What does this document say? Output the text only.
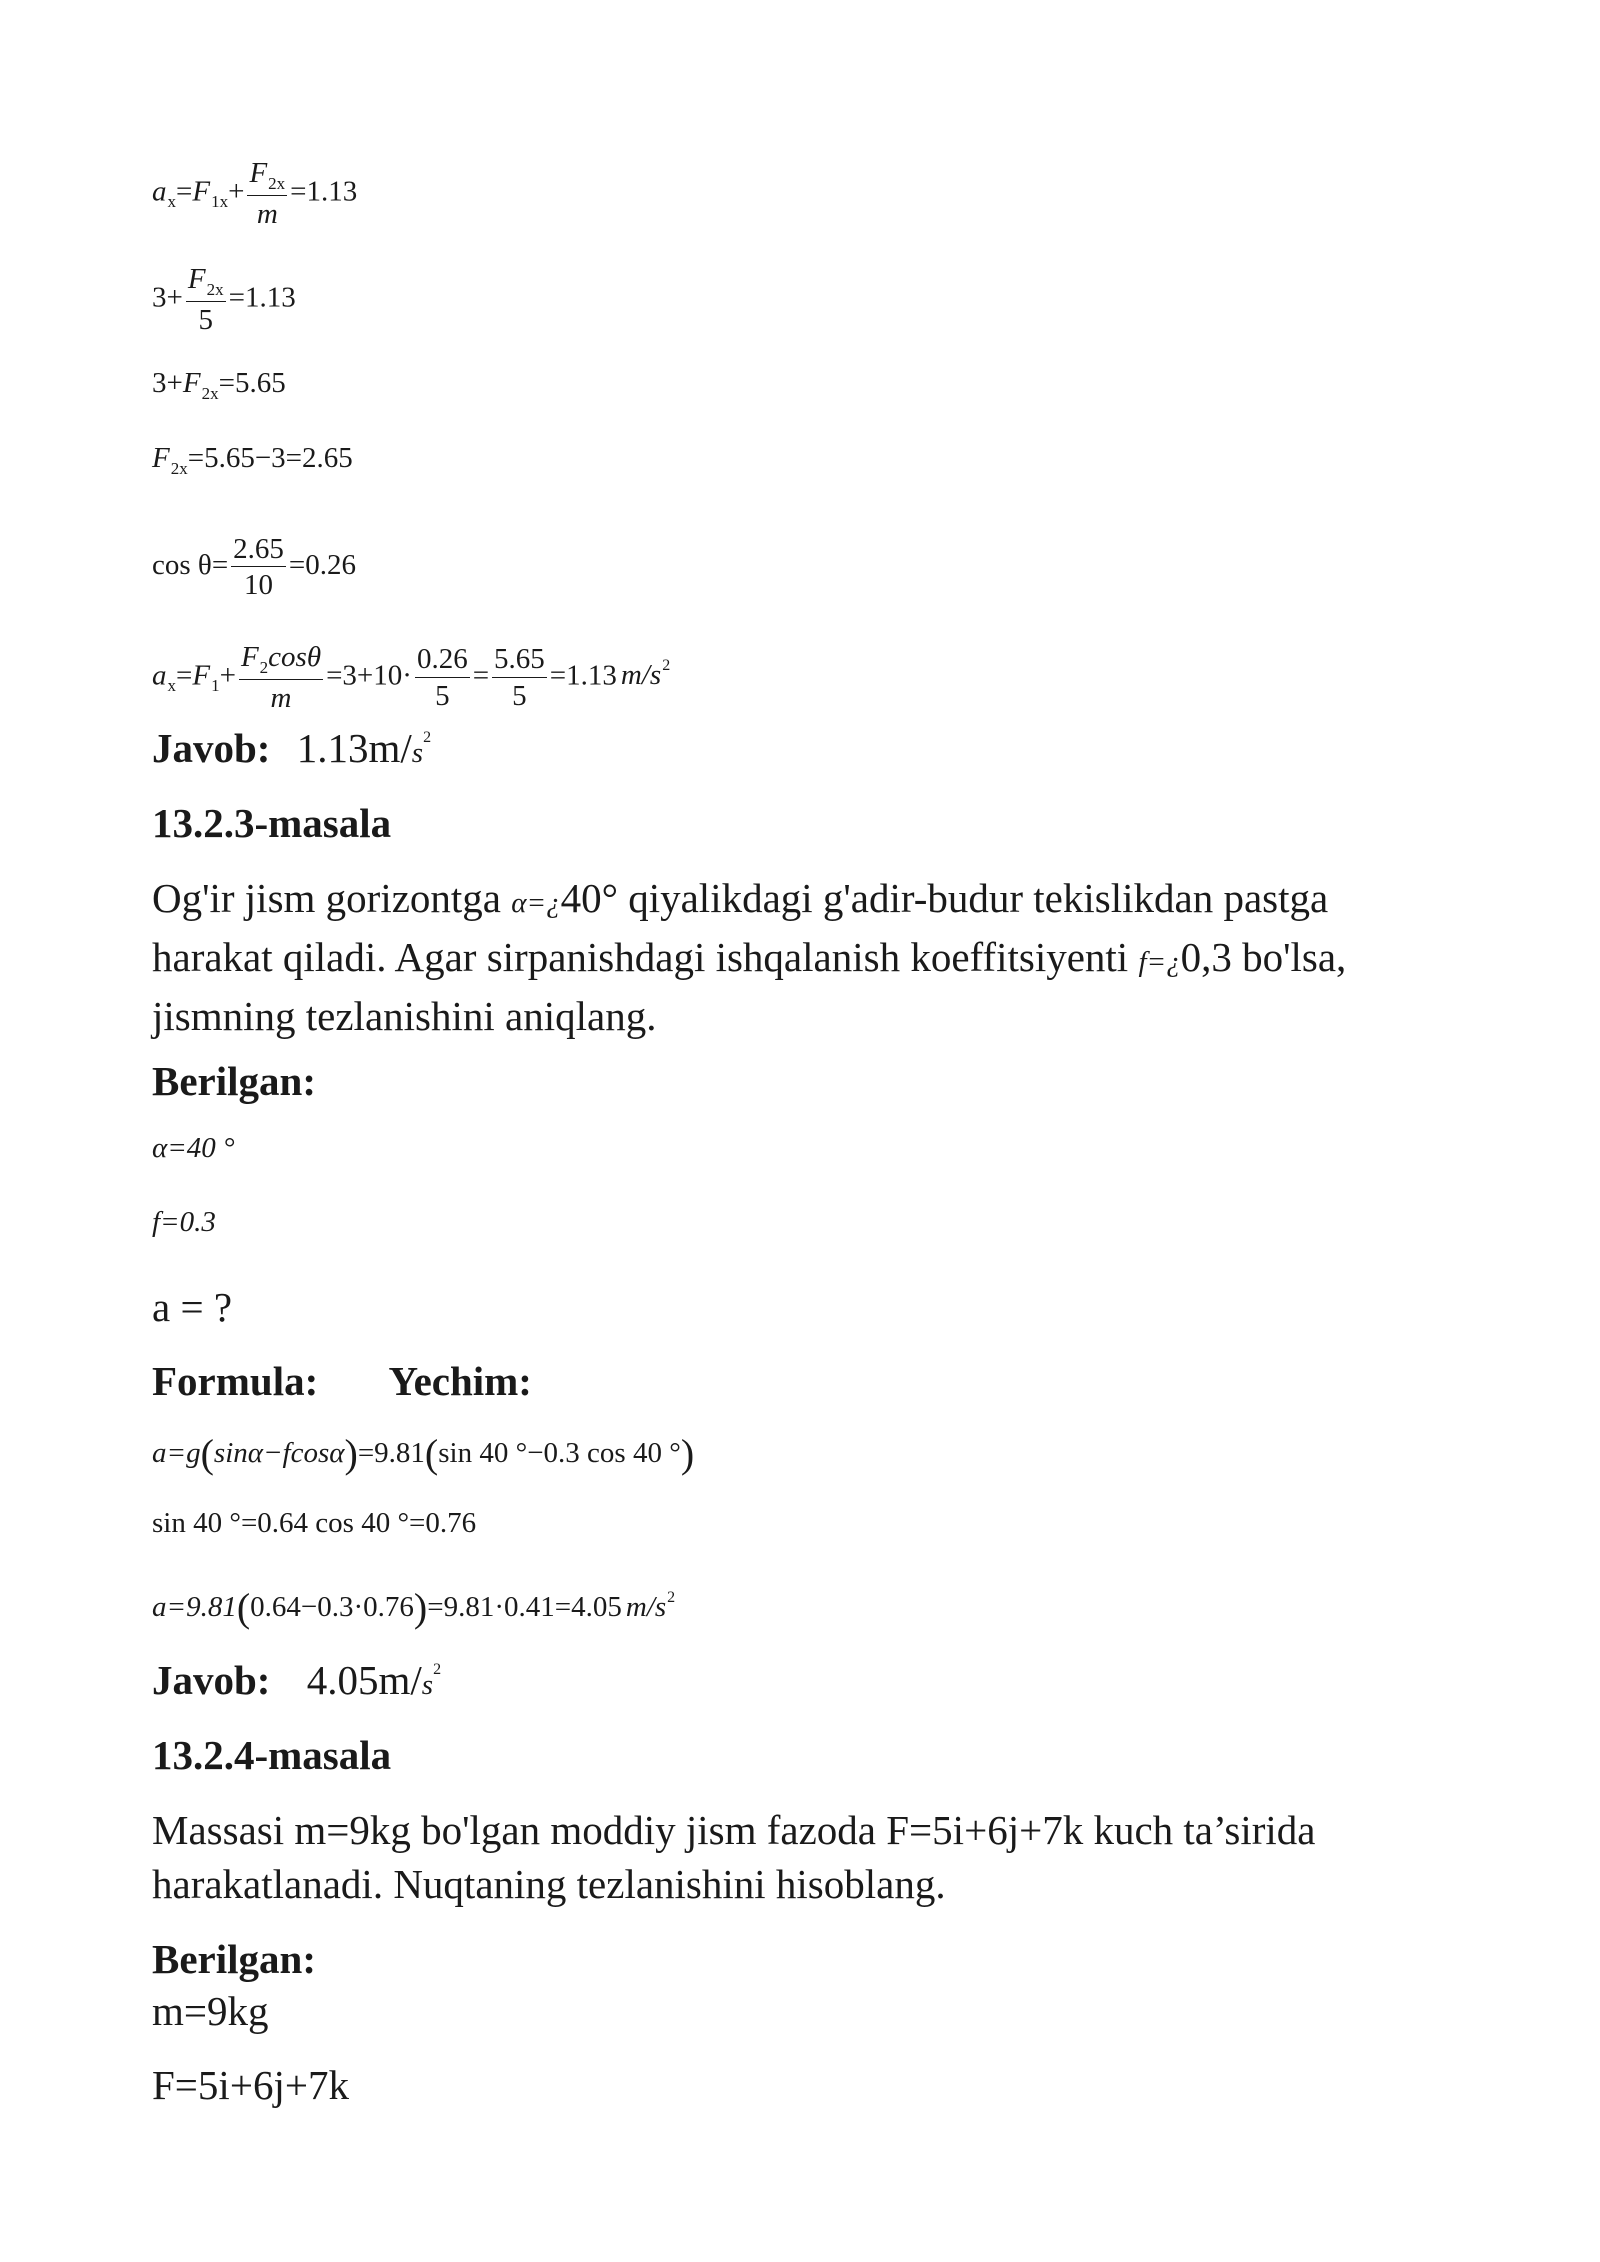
$a_x=F_{1x}+ \frac{F_{2x}}{m} =1.13$
$3+ \frac{F_{2x}}{5} =1.13$
$3+F_{2x}=5.65$
$F_{2x}=5.65-3=2.65$
$\cos \theta= \frac{2.65}{10} =0.26$
$a_x=F_1+ \frac{F_2\cos\theta}{m} =3+10\cdot \frac{0.26}{5} = \frac{5.65}{5} =1.13$ $m/s^2$
Javob: $1.13m/s^2$
13.2.3-masala
Og'ir jism gorizontga α=¿40° qiyalikdagi g'adir-budur tekislikdan pastga harakat qiladi. Agar sirpanishdagi ishqalanish koeffitsiyenti f=¿0,3 bo'lsa, jismning tezlanishini aniqlang.
Berilgan:
α=40 °
f=0.3
a = ?
Formula: Yechim:
a=g(sinα−fcosα)=9.81(sin 40 °−0.3 cos 40 °)
sin 40 °=0.64 cos 40 °=0.76
a=9.81(0.64−0.3·0.76)=9.81·0.41=4.05 $m/s^2$
Javob: $4.05m/s^2$
13.2.4-masala
Massasi m=9kg bo'lgan moddiy jism fazoda F=5i+6j+7k kuch ta’sirida harakatlanadi. Nuqtaning tezlanishini hisoblang.
Berilgan:
m=9kg
F=5i+6j+7k
